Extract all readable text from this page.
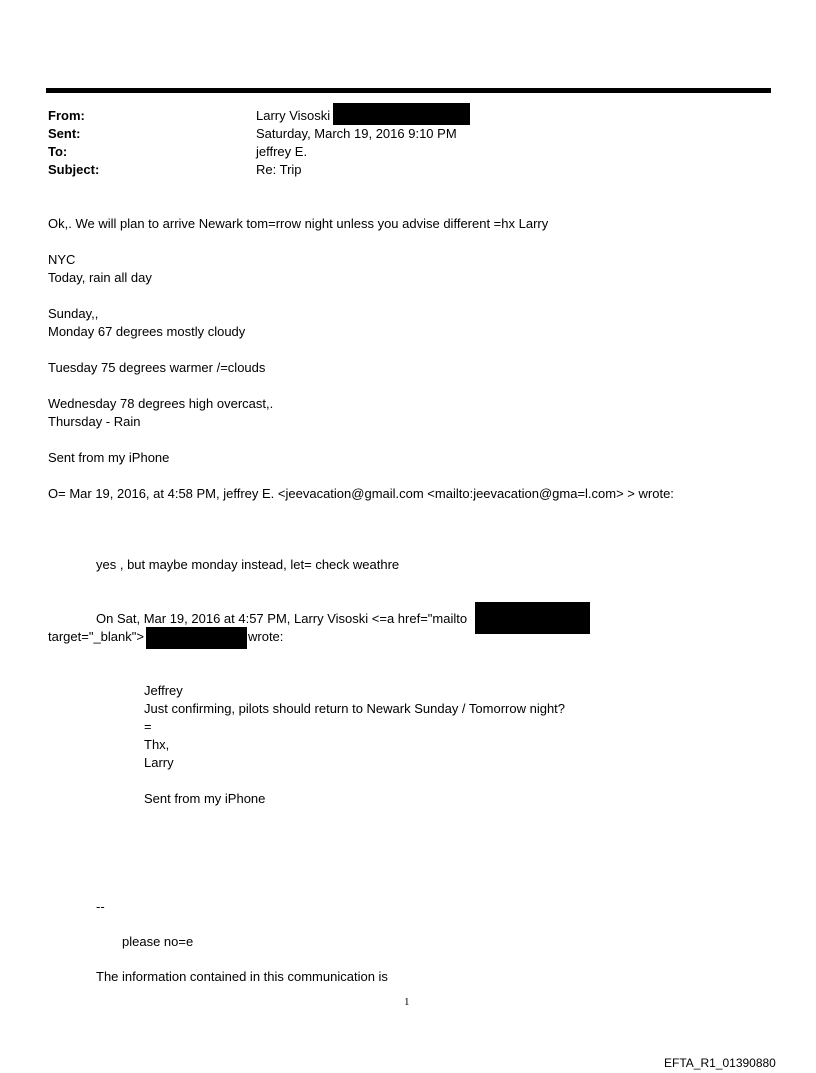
From:
Sent:
To:
Subject:
Larry Visoski
Saturday, March 19, 2016 9:10 PM
jeffrey E.
Re: Trip
Ok,. We will plan to arrive Newark tom=rrow night unless you advise different =hx Larry
NYC
Today, rain all day
Sunday,,
Monday 67 degrees mostly cloudy
Tuesday 75 degrees warmer /=clouds
Wednesday 78 degrees high overcast,.
Thursday - Rain
Sent from my iPhone
O= Mar 19, 2016, at 4:58 PM, jeffrey E. <jeevacation@gmail.com <mailto:jeevacation@gma=l.com> > wrote:
yes , but maybe monday instead, let= check weathre
On Sat, Mar 19, 2016 at 4:57 PM, Larry Visoski <=a href="mailto
target="_blank">	wrote:
Jeffrey
Just confirming, pilots should return to Newark Sunday / Tomorrow night?
=
Thx,
Larry
Sent from my iPhone
--
please no=e
The information contained in this communication is
1
EFTA_R1_01390880
